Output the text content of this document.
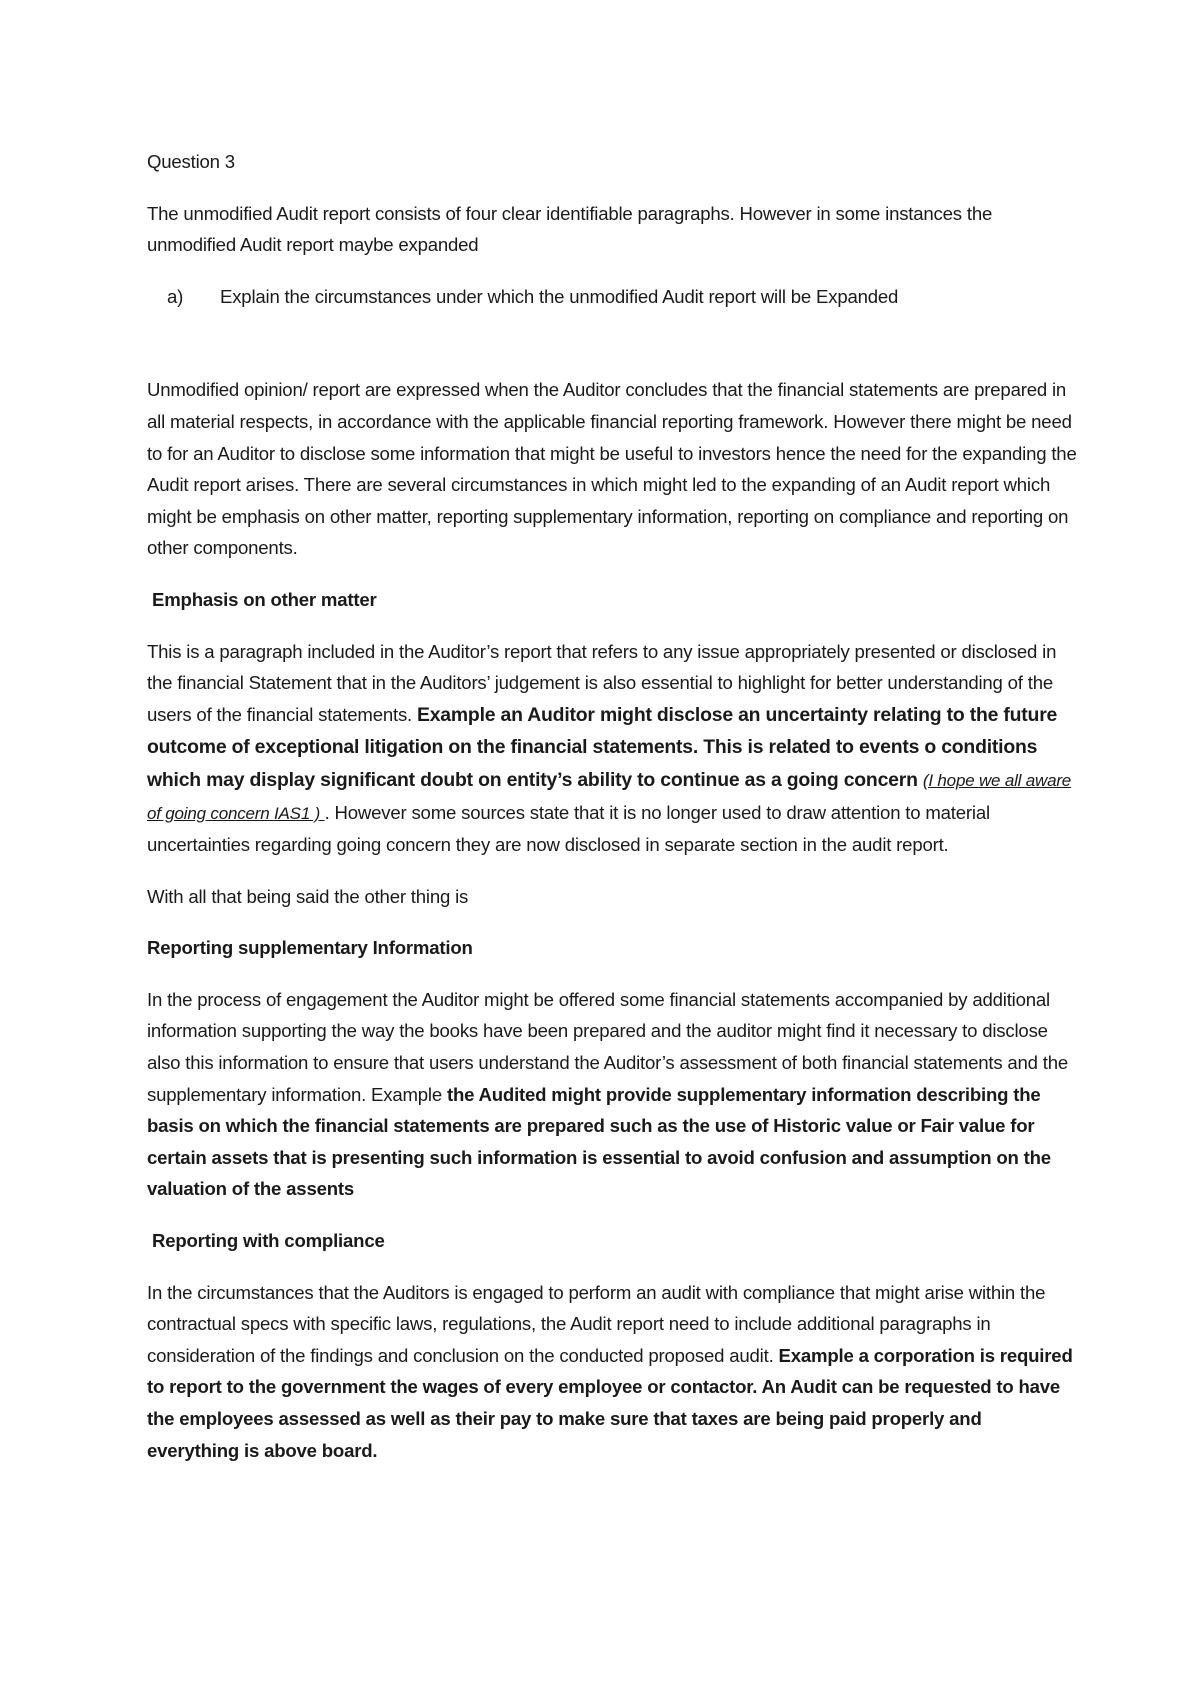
Question 3

The unmodified Audit report consists of four clear identifiable paragraphs. However in some instances the unmodified Audit report maybe expanded

a)	Explain the circumstances under which the unmodified Audit report will be Expanded

Unmodified opinion/ report are expressed when the Auditor concludes that the financial statements are prepared in all material respects, in accordance with the applicable financial reporting framework. However there might be need to for an Auditor to disclose some information that might be useful to investors hence the need for the expanding the Audit report arises. There are several circumstances in which might led to the expanding of an Audit report which might be emphasis on other matter, reporting supplementary information, reporting on compliance and reporting on other components.

Emphasis on other matter

This is a paragraph included in the Auditor’s report that refers to any issue appropriately presented or disclosed in the financial Statement that in the Auditors’ judgement is also essential to highlight for better understanding of the users of the financial statements. Example an Auditor might disclose an uncertainty relating to the future outcome of exceptional litigation on the financial statements. This is related to events o conditions which may display significant doubt on entity’s ability to continue as a going concern (I hope we all aware of going concern IAS1 ) . However some sources state that it is no longer used to draw attention to material uncertainties regarding going concern they are now disclosed in separate section in the audit report.

With all that being said the other thing is

Reporting supplementary Information

In the process of engagement the Auditor might be offered some financial statements accompanied by additional information supporting the way the books have been prepared and the auditor might find it necessary to disclose also this information to ensure that users understand the Auditor’s assessment of both financial statements and the supplementary information. Example the Audited might provide supplementary information describing the basis on which the financial statements are prepared such as the use of Historic value or Fair value for certain assets that is presenting such information is essential to avoid confusion and assumption on the valuation of the assents

Reporting with compliance

In the circumstances that the Auditors is engaged to perform an audit with compliance that might arise within the contractual specs with specific laws, regulations, the Audit report need to include additional paragraphs in consideration of the findings and conclusion on the conducted proposed audit. Example a corporation is required to report to the government the wages of every employee or contactor. An Audit can be requested to have the employees assessed as well as their pay to make sure that taxes are being paid properly and everything is above board.
